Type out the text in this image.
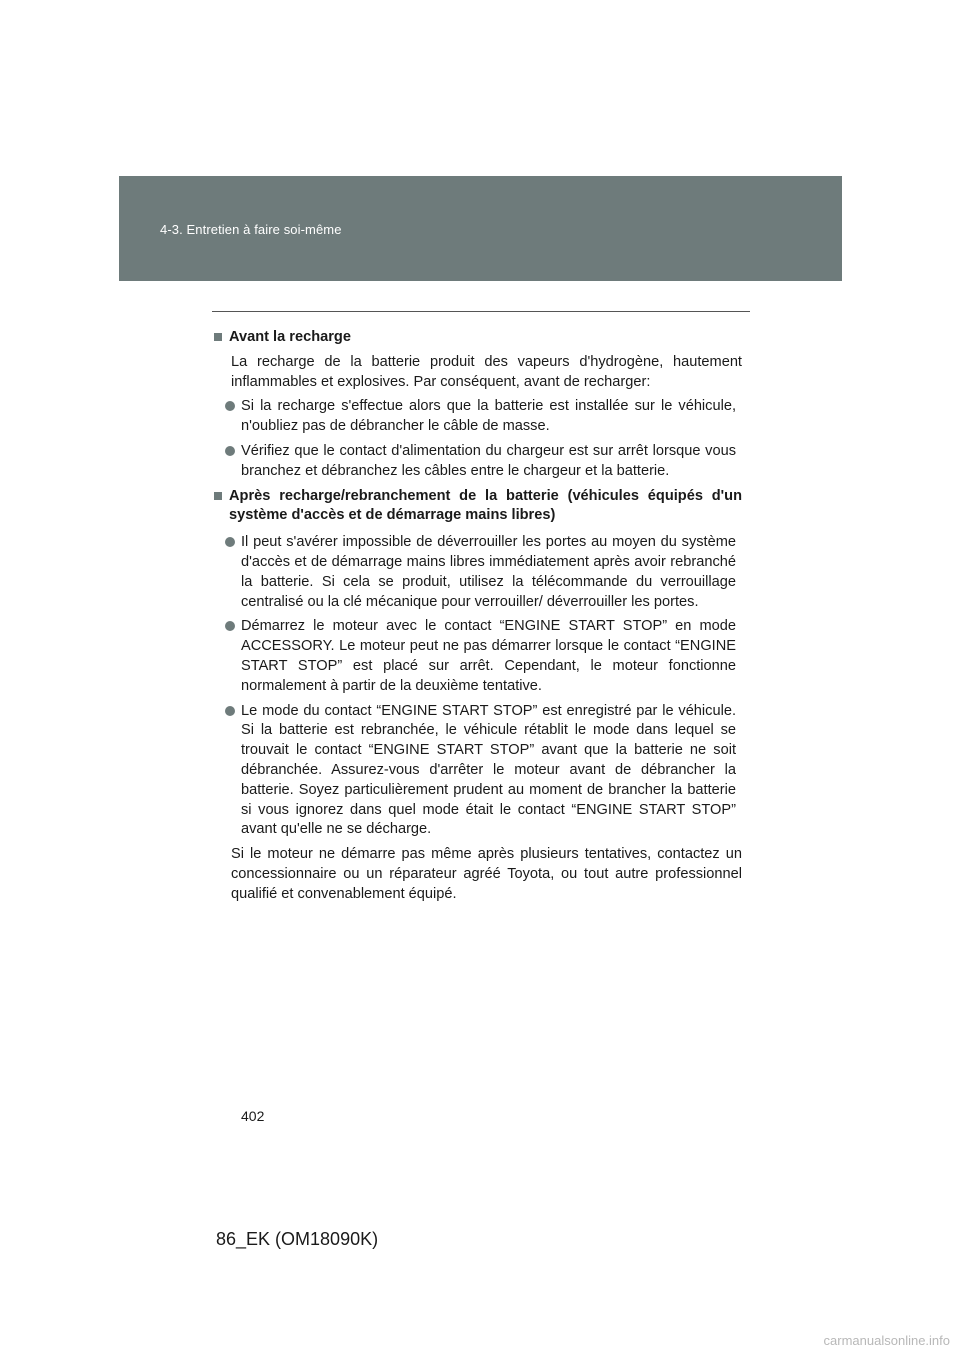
4-3. Entretien à faire soi-même
Avant la recharge
La recharge de la batterie produit des vapeurs d'hydrogène, hautement inflammables et explosives. Par conséquent, avant de recharger:
Si la recharge s'effectue alors que la batterie est installée sur le véhicule, n'oubliez pas de débrancher le câble de masse.
Vérifiez que le contact d'alimentation du chargeur est sur arrêt lorsque vous branchez et débranchez les câbles entre le chargeur et la batterie.
Après recharge/rebranchement de la batterie (véhicules équipés d'un système d'accès et de démarrage mains libres)
Il peut s'avérer impossible de déverrouiller les portes au moyen du système d'accès et de démarrage mains libres immédiatement après avoir rebranché la batterie. Si cela se produit, utilisez la télécommande du verrouillage centralisé ou la clé mécanique pour verrouiller/ déverrouiller les portes.
Démarrez le moteur avec le contact “ENGINE START STOP” en mode ACCESSORY. Le moteur peut ne pas démarrer lorsque le contact “ENGINE START STOP” est placé sur arrêt. Cependant, le moteur fonctionne normalement à partir de la deuxième tentative.
Le mode du contact “ENGINE START STOP” est enregistré par le véhicule. Si la batterie est rebranchée, le véhicule rétablit le mode dans lequel se trouvait le contact “ENGINE START STOP” avant que la batterie ne soit débranchée. Assurez-vous d'arrêter le moteur avant de débrancher la batterie. Soyez particulièrement prudent au moment de brancher la batterie si vous ignorez dans quel mode était le contact “ENGINE START STOP” avant qu'elle ne se décharge.
Si le moteur ne démarre pas même après plusieurs tentatives, contactez un concessionnaire ou un réparateur agréé Toyota, ou tout autre professionnel qualifié et convenablement équipé.
402
86_EK (OM18090K)
carmanualsonline.info
